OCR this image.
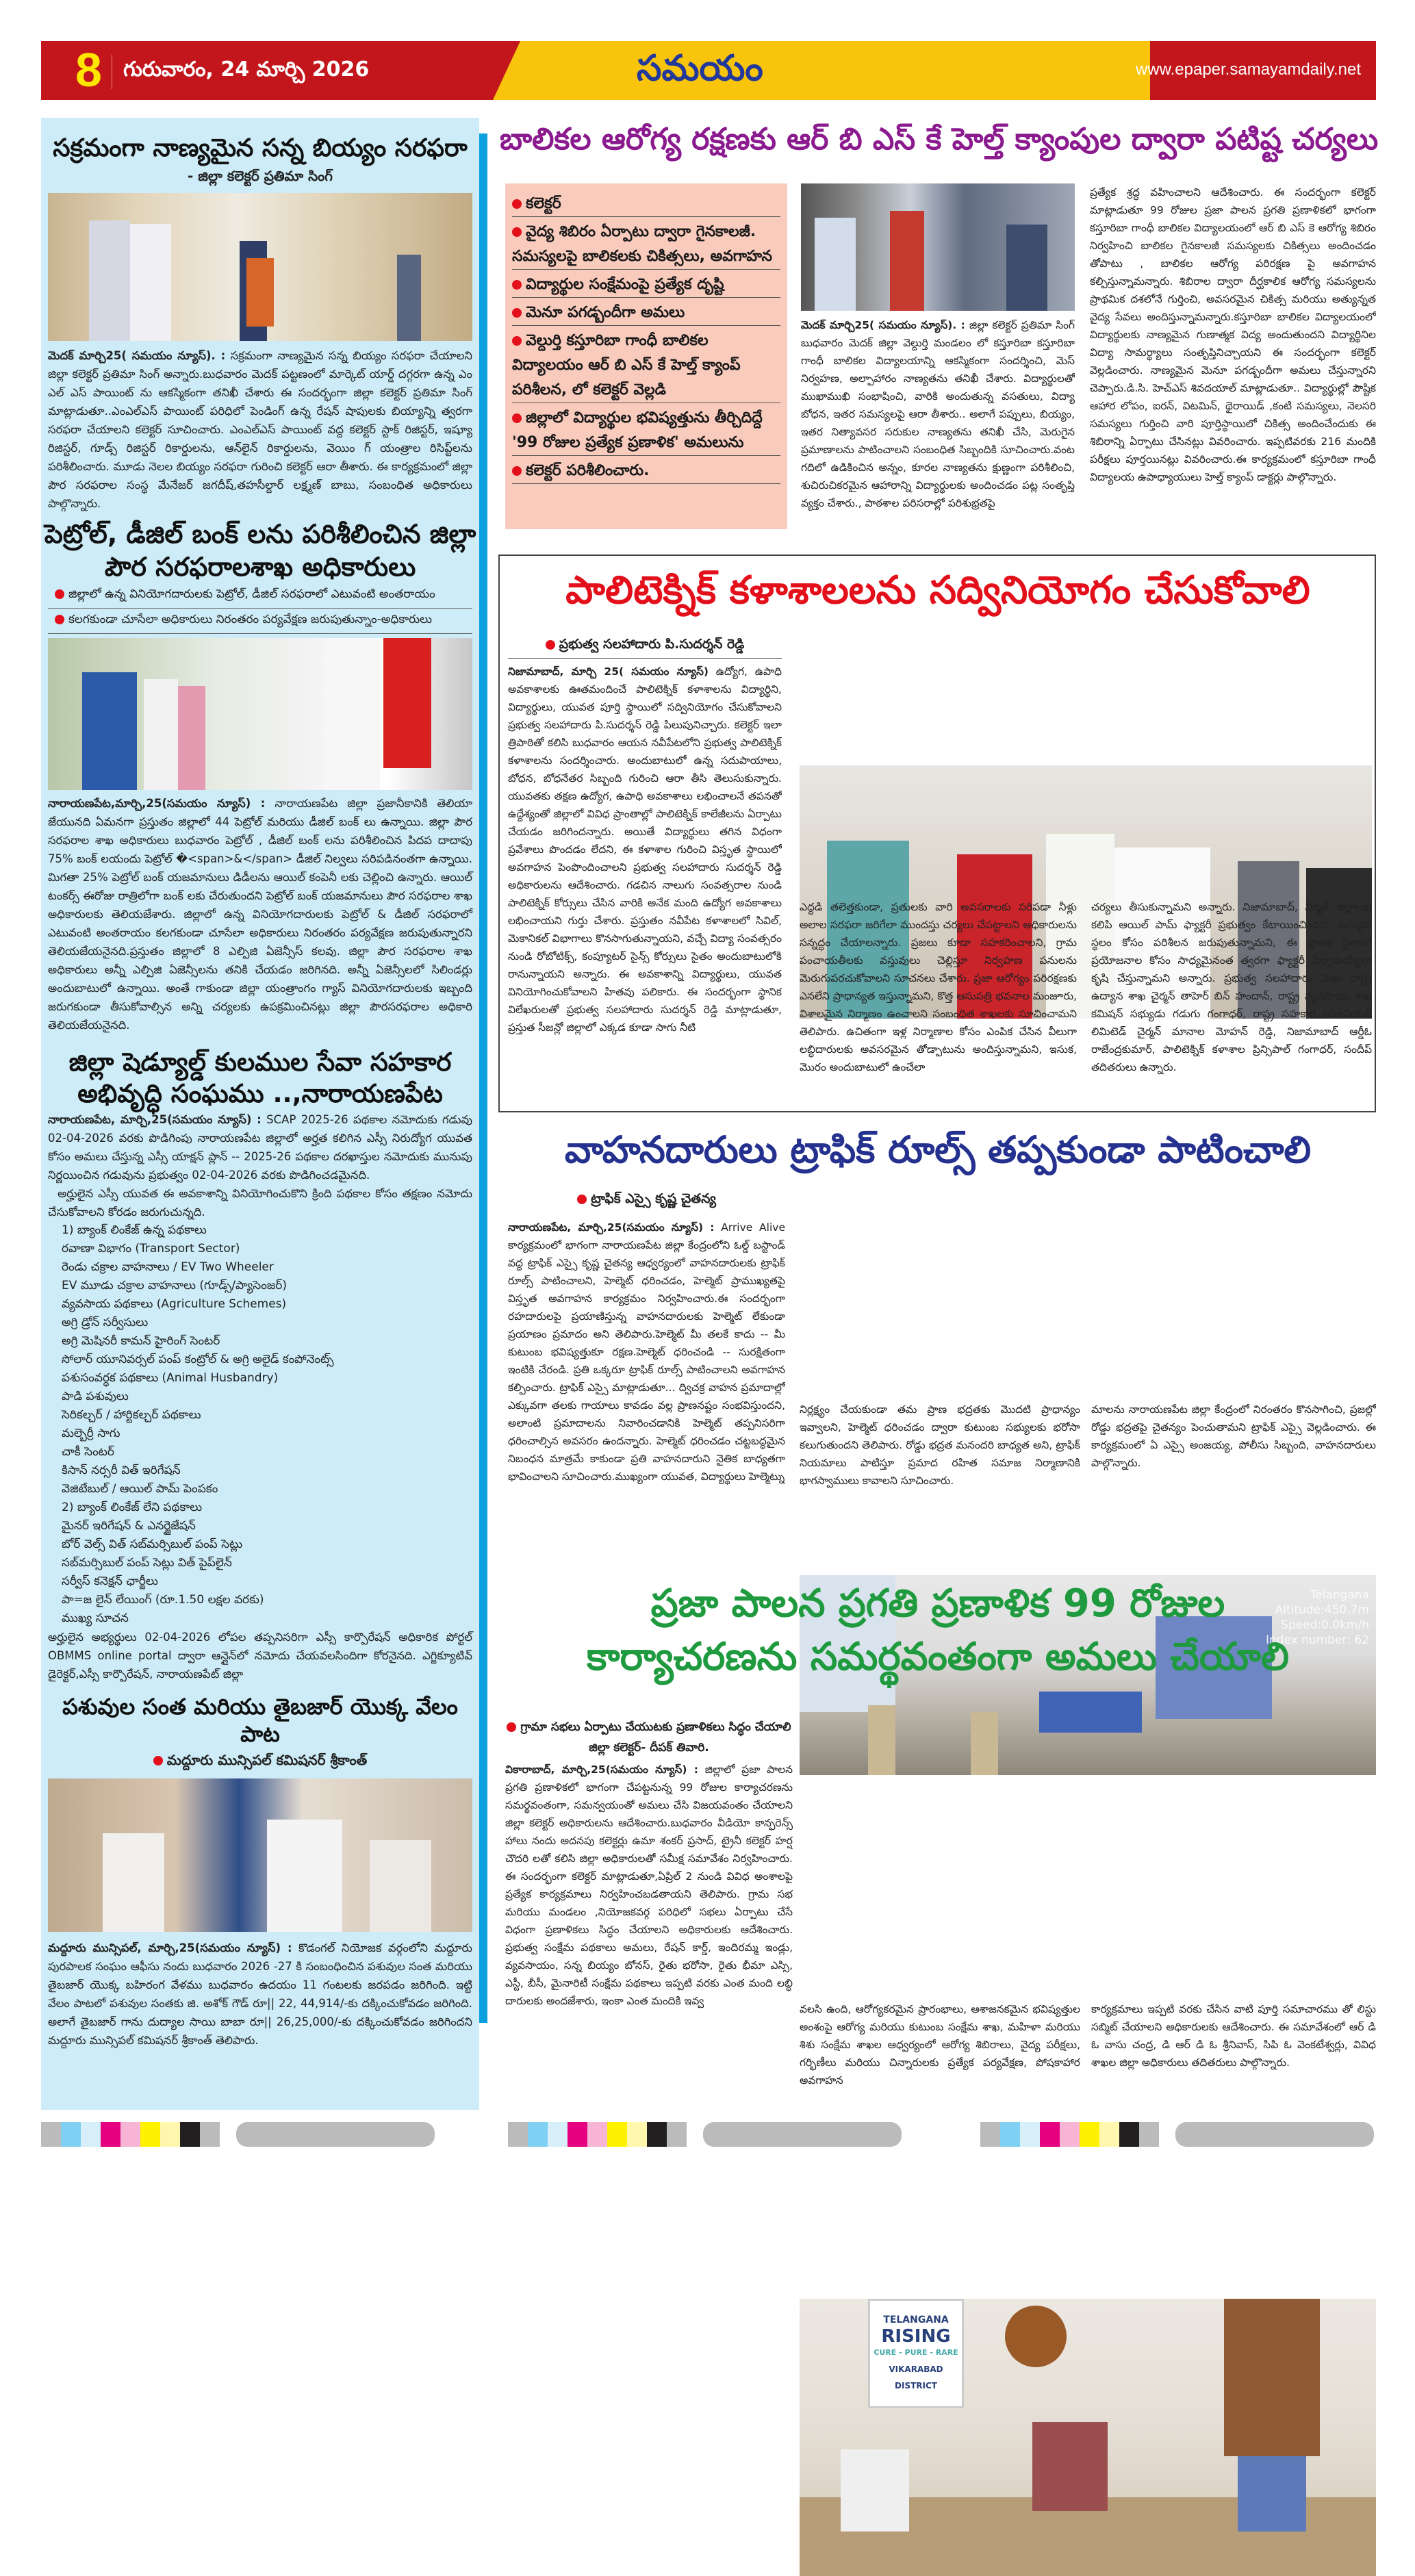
8 గురువారం, 24 మార్చి 2026	సమయం	www.epaper.samayamdaily.net
సక్రమంగా నాణ్యమైన సన్న బియ్యం సరఫరా
- జిల్లా కలెక్టర్ ప్రతిమా సింగ్
మెదక్ మార్చి25( సమయం న్యూస్). : సక్రమంగా నాణ్యమైన సన్న బియ్యం సరఫరా చేయాలని జిల్లా కలెక్టర్ ప్రతిమా సింగ్ అన్నారు.బుధవారం మెదక్ పట్టణంలో మార్కెట్ యార్డ్ దగ్గరగా ఉన్న ఎం ఎల్ ఎస్ పాయింట్ ను ఆకస్మికంగా తనిఖీ చేశారు ఈ సందర్భంగా జిల్లా కలెక్టర్ ప్రతిమా సింగ్ మాట్లాడుతూ..ఎంఎల్ఎస్ పాయింట్ పరిధిలో పెండింగ్ ఉన్న రేషన్ షాపులకు బియ్యాన్ని త్వరగా సరఫరా చేయాలని కలెక్టర్ సూచించారు. ఎంఎల్ఎస్ పాయింట్ వద్ద కలెక్టర్ స్టాక్ రిజిస్టర్, ఇష్యూ రిజిస్టర్, గూడ్స్ రిజిస్టర్ రికార్డులను, ఆన్‌లైన్ రికార్డులను, వెయిం గ్ యంత్రాల రిసిప్ట్‌లను పరిశీలించారు. మూడు నెలల బియ్యం సరఫరా గురించి కలెక్టర్ ఆరా తీశారు. ఈ కార్యక్రమంలో జిల్లా పౌర సరఫరాల సంస్థ మేనేజర్ జగదీష్,తహసీల్దార్ లక్ష్మణ్ బాబు, సంబంధిత అధికారులు పాల్గొన్నారు.
పెట్రోల్, డీజిల్ బంక్ లను పరిశీలించిన జిల్లా పౌర సరఫరాలశాఖ అధికారులు
జిల్లాలో ఉన్న వినియోగదారులకు పెట్రోల్, డీజిల్ సరఫరాలో ఎటువంటి అంతరాయం
కలగకుండా చూసేలా అధికారులు నిరంతరం పర్యవేక్షణ జరుపుతున్నాం-అధికారులు
నారాయణపేట,మార్చి,25(సమయం న్యూస్) : నారాయణపేట జిల్లా ప్రజానీకానికి తెలియా జేయునది ఏమనగా ప్రస్తుతం జిల్లాలో 44 పెట్రోల్ మరియు డీజిల్ బంక్ లు ఉన్నాయి. జిల్లా పౌర సరఫరాల శాఖ అధికారులు బుధవారం పెట్రోల్ , డీజిల్ బంక్ లను పరిశీలించిన పిదప దాదాపు 75% బంక్ లయందు పెట్రోల్ �<span>&</span> డీజిల్ నిల్వలు సరిపడినంతగా ఉన్నాయి. మిగతా 25% పెట్రోల్ బంక్ యజమానులు డిడీలను ఆయిల్ కంపెనీ లకు చెల్లించి ఉన్నారు. ఆయిల్ టంకర్స్ ఈరోజు రాత్రిలోగా బంక్ లకు చేరుతుందని పెట్రోల్ బంక్ యజమానులు పౌర సరఫరాల శాఖ అధికారులకు తెలియజేశారు. జిల్లాలో ఉన్న వినియోగదారులకు పెట్రోల్ & డీజిల్ సరఫరాలో ఎటువంటి అంతరాయం కలగకుండా చూసేలా అధికారులు నిరంతరం పర్యవేక్షణ జరుపుతున్నారని తెలియజేయనైనది.ప్రస్తుతం జిల్లాలో 8 ఎల్పిజి ఏజెన్సీస్ కలవు. జిల్లా పౌర సరఫరాల శాఖ అధికారులు అన్నీ ఎల్పిజి ఏజెన్సీలను తనికి చేయడం జరిగినది. అన్నీ ఏజెన్సీలలో సిలిండర్లు అందుబాటులో ఉన్నాయి. అంతే గాకుండా జిల్లా యంత్రాంగం గ్యాస్ వినియోగదారులకు ఇబ్బంది జరుగకుండా తీసుకోవాల్సిన అన్ని చర్యలకు ఉపక్రమించినట్లు జిల్లా పౌరసరఫరాల అధికారి తెలియజేయనైనది.
జిల్లా షెడ్యూల్డ్ కులముల సేవా సహకార అభివృద్ధి సంఘము ..,నారాయణపేట
నారాయణపేట, మార్చి,25(సమయం న్యూస్) : SCAP 2025-26 పథకాల నమోదుకు గడువు 02-04-2026 వరకు పొడిగింపు నారాయణపేట జిల్లాలో అర్హత కలిగిన ఎస్సీ నిరుద్యోగ యువత కోసం అమలు చేస్తున్న ఎస్సీ యాక్షన్ ప్లాన్ -- 2025-26 పథకాల దరఖాస్తుల నమోదుకు మునుపు నిర్ణయించిన గడువును ప్రభుత్వం 02-04-2026 వరకు పొడిగించడమైనది.
అర్హులైన ఎస్సీ యువత ఈ అవకాశాన్ని వినియోగించుకొని క్రింది పథకాల కోసం తక్షణం నమోదు చేసుకోవాలని కోరడం జరుగుచున్నది.
1) బ్యాంక్ లింకేజ్ ఉన్న పథకాలు
రవాణా విభాగం (Transport Sector)
రెండు చక్రాల వాహనాలు / EV Two Wheeler
EV మూడు చక్రాల వాహనాలు (గూడ్స్/ప్యాసెంజర్)
వ్యవసాయ పథకాలు (Agriculture Schemes)
అగ్రి డ్రోన్ సర్వీసులు
అగ్రి మెషినరీ కామన్ హైరింగ్ సెంటర్
సోలార్ యూనివర్సల్ పంప్ కంట్రోల్ & అగ్రి అలైడ్ కంపోనెంట్స్
పశుసంవర్ధక పథకాలు (Animal Husbandry)
పాడి పశువులు
సెరికల్చర్ / హార్టికల్చర్ పథకాలు
మల్బెర్రీ సాగు
చాకీ సెంటర్
కిసాన్ నర్సరీ విత్ ఇరిగేషన్
వెజిటేబుల్ / ఆయిల్ పామ్ పెంపకం
2) బ్యాంక్ లింకేజ్ లేని పథకాలు
మైనర్ ఇరిగేషన్ & ఎనర్జైజేషన్
బోర్ వెల్స్ విత్ సబ్‌మర్సిబుల్ పంప్ సెట్లు
సబ్‌మర్సిబుల్ పంప్ సెట్లు విత్ పైప్‌లైన్
సర్వీస్ కనెక్షన్ ఛార్జీలు
పా=జ లైన్ లేయింగ్ (రూ.1.50 లక్షల వరకు)
ముఖ్య సూచన
అర్హులైన అభ్యర్థులు 02-04-2026 లోపల తప్పనిసరిగా ఎస్సీ కార్పొరేషన్ అధికారిక పోర్టల్ OBMMS online portal ద్వారా ఆన్లైన్‌లో నమోదు చేయవలసిందిగా కోరనైనది. ఎగ్జిక్యూటివ్ డైరెక్టర్,ఎస్సీ కార్పొరేషన్, నారాయణపేట్ జిల్లా
పశువుల సంత మరియు తైబజార్ యొక్క వేలం పాట
మద్దూరు మున్సిపల్ కమిషనర్ శ్రీకాంత్
మద్దూరు మున్సిపల్, మార్చి,25(సమయం న్యూస్) : కొడంగల్ నియోజక వర్గంలోని మద్దూరు పురపాలక సంఘం ఆఫీసు నందు బుధవారం 2026 -27 కి సంబంధించిన పశువుల సంత మరియు తైబజార్ యొక్క బహిరంగ వేళము బుధవారం ఉదయం 11 గంటలకు జరపడం జరిగింది. ఇట్టి వేలం పాటలో పశువుల సంతకు జి. అశోక్ గౌడ్ రూ|| 22, 44,914/-కు దక్కించుకోవడం జరిగింది. అలాగే తైబజార్ గాను దుద్యాల సాయి బాబా రూ|| 26,25,000/-కు దక్కించుకోవడం జరిగిందని మద్దూరు మున్సిపల్ కమిషనర్ శ్రీకాంత్ తెలిపారు.
బాలికల ఆరోగ్య రక్షణకు ఆర్ బి ఎస్ కే హెల్త్ క్యాంపుల ద్వారా పటిష్ట చర్యలు
కలెక్టర్
వైద్య శిబిరం ఏర్పాటు ద్వారా గైనకాలజీ. సమస్యలపై బాలికలకు చికిత్సలు, అవగాహన
విద్యార్థుల సంక్షేమంపై ప్రత్యేక దృష్టి
మెనూ పగడ్బందీగా అమలు
వెల్దుర్తి కస్తూరిబా గాంధీ బాలికల విద్యాలయం ఆర్ బి ఎస్ కే హెల్త్ క్యాంప్ పరిశీలన, లో కలెక్టర్ వెల్లడి
జిల్లాలో విద్యార్థుల భవిష్యత్తును తీర్చిదిద్దే '99 రోజుల ప్రత్యేక ప్రణాళిక' అమలును
కలెక్టర్ పరిశీలించారు.
మెదక్ మార్చి25( సమయం న్యూస్). : జిల్లా కలెక్టర్ ప్రతిమా సింగ్ బుధవారం మెదక్ జిల్లా వెల్దుర్తి మండలం లో కస్తూరిబా కస్తూరిబా గాంధీ బాలికల విద్యాలయాన్ని ఆకస్మికంగా సందర్శించి, మెస్ నిర్వహణ, అల్పాహారం నాణ్యతను తనిఖీ చేశారు. విద్యార్థులతో ముఖాముఖి సంభాషించి, వారికి అందుతున్న వసతులు, విద్యా బోధన, ఇతర సమస్యలపై ఆరా తీశారు.. అలాగే పప్పులు, బియ్యం, ఇతర నిత్యావసర సరుకుల నాణ్యతను తనిఖీ చేసి, మెరుగైన ప్రమాణాలను పాటించాలని సంబంధిత సిబ్బందికి సూచించారు.వంట గదిలో ఉడికించిన అన్నం, కూరల నాణ్యతను క్షుణ్ణంగా పరిశీలించి, శుచిరుచికరమైన ఆహారాన్ని విద్యార్థులకు అందించడం పట్ల సంతృప్తి వ్యక్తం చేశారు., పాఠశాల పరిసరాల్లో పరిశుభ్రతపై
ప్రత్యేక శ్రద్ధ వహించాలని ఆదేశించారు. ఈ సందర్భంగా కలెక్టర్ మాట్లాడుతూ 99 రోజుల ప్రజా పాలన ప్రగతి ప్రణాళికలో భాగంగా కస్తూరిబా గాంధీ బాలికల విద్యాలయంలో ఆర్ బి ఎస్ కె ఆరోగ్య శిబిరం నిర్వహించి బాలికల గైనకాలజీ సమస్యలకు చికిత్సలు అందించడం తోపాటు , బాలికల ఆరోగ్య పరిరక్షణ పై అవగాహన కల్పిస్తున్నామన్నారు. శిబిరాల ద్వారా దీర్ఘకాలిక ఆరోగ్య సమస్యలను ప్రాథమిక దశలోనే గుర్తించి, అవసరమైన చికిత్స మరియు అత్యున్నత వైద్య సేవలు అందిస్తున్నామన్నారు.కస్తూరిబా బాలికల విద్యాలయంలో విద్యార్థులకు నాణ్యమైన గుణాత్మక విద్య అందుతుందని విద్యార్థినిల విద్యా సామర్థ్యాలు సంతృప్తినిచ్చాయని ఈ సందర్భంగా కలెక్టర్ వెల్లడించారు. నాణ్యమైన మెనూ పగడ్బందీగా అమలు చేస్తున్నారని చెప్పారు.డి.సి. హెచ్ఎస్ శివదయాల్ మాట్లాడుతూ.. విద్యార్థుల్లో పౌష్టిక ఆహార లోపం, ఐరన్, విటమిన్, థైరాయిడ్ ,కంటి సమస్యలు, నెలసరి సమస్యలు గుర్తించి వారి పూర్తిస్థాయిలో చికిత్స అందించేందుకు ఈ శిబిరాన్ని ఏర్పాటు చేసినట్లు వివరించారు. ఇప్పటివరకు 216 మందికి పరీక్షలు పూర్తయినట్లు వివరించారు.ఈ కార్యక్రమంలో కస్తూరిబా గాంధీ విద్యాలయ ఉపాధ్యాయులు హెల్త్ క్యాంప్ డాక్టర్లు పాల్గొన్నారు.
పాలిటెక్నిక్ కళాశాలలను సద్వినియోగం చేసుకోవాలి
ప్రభుత్వ సలహాదారు పి.సుదర్శన్ రెడ్డి
నిజామాబాద్, మార్చి 25( సమయం న్యూస్) ఉద్యోగ, ఉపాధి అవకాశాలకు ఊతమందించే పాలిటెక్నిక్ కళాశాలను విద్యార్థిని, విద్యార్థులు, యువత పూర్తి స్థాయిలో సద్వినియోగం చేసుకోవాలని ప్రభుత్వ సలహాదారు పి.సుదర్శన్ రెడ్డి పిలుపునిచ్చారు. కలెక్టర్ ఇలా త్రిపాఠితో కలిసి బుధవారం ఆయన నవీపేటలోని ప్రభుత్వ పాలిటెక్నిక్ కళాశాలను సందర్శించారు. అందుబాటులో ఉన్న సదుపాయాలు, బోధన, బోధనేతర సిబ్బంది గురించి ఆరా తీసి తెలుసుకున్నారు. యువతకు తక్షణ ఉద్యోగ, ఉపాధి అవకాశాలు లభించాలనే తపనతో ఉద్దేశ్యంతో జిల్లాలో వివిధ ప్రాంతాల్లో పాలిటెక్నిక్ కాలేజీలను ఏర్పాటు చేయడం జరిగిందన్నారు. అయితే విద్యార్థులు తగిన విధంగా ప్రవేశాలు పొందడం లేదని, ఈ కళాశాల గురించి విస్తృత స్థాయిలో అవగాహన పెంపొందించాలని ప్రభుత్వ సలహాదారు సుదర్శన్ రెడ్డి అధికారులను ఆదేశించారు. గడచిన నాలుగు సంవత్సరాల నుండి పాలిటెక్నిక్ కోర్సులు చేసిన వారికి అనేక మంది ఉద్యోగ అవకాశాలు లభించాయని గుర్తు చేశారు. ప్రస్తుతం నవీపేట కళాశాలలో సివిల్, మెకానికల్ విభాగాలు కొనసాగుతున్నాయని, వచ్చే విద్యా సంవత్సరం నుండి రోబోటిక్స్, కంప్యూటర్ సైన్స్ కోర్సులు సైతం అందుబాటులోకి రానున్నాయని అన్నారు. ఈ అవకాశాన్ని విద్యార్థులు, యువత వినియోగించుకోవాలని హితవు పలికారు. ఈ సందర్భంగా స్థానిక విలేఖరులతో ప్రభుత్వ సలహాదారు సుదర్శన్ రెడ్డి మాట్లాడుతూ, ప్రస్తుత సీజన్లో జిల్లాలో ఎక్కడ కూడా సాగు నీటి
ఎద్దడి తలెత్తకుండా, ప్రతులకు వారి అవసరాలకు సరిపడా నీళ్లు అలాల సరఫరా జరిగేలా ముందస్తు చర్యలు చేపట్టాలని అధికారులను సన్నద్ధం చేయాలన్నారు. ప్రజలు కూడా సహకరించాలని, గ్రామ పంచాయతీలకు వస్తువులు చెల్లిస్తూ నిర్వహణ పనులను మెరుగుపరచుకోవాలని సూచనలు చేశారు. ప్రజా ఆరోగ్యం పరిరక్షణకు ఎనలేని ప్రాధాన్యత ఇస్తున్నామని, కొత్త ఆసుపత్రి భవనాల మంజూరు, విశాలమైన నిర్మాణం ఉంచాలని సంబంధిత శాఖలకు సూచించామని తెలిపారు. ఉచితంగా ఇళ్ల నిర్మాణాల కోసం ఎంపిక చేసిన వీలుగా లబ్ధిదారులకు అవసరమైన తోడ్పాటును అందిస్తున్నామని, ఇసుక, మొరం అందుబాటులో ఉంచేలా
చర్యలు తీసుకున్నామని అన్నారు. నిజామాబాద్, నిర్మల్ జిల్లాలకు కలిపి ఆయిల్ పామ్ ఫ్యాక్టరీ ప్రభుత్వం కేటాయించిందని, అనువైన స్థలం కోసం పరిశీలన జరుపుతున్నామని, ఈ ప్రాంత రైతాంగ ప్రయోజనాల కోసం సాధ్యమైనంత త్వరగా ఫ్యాక్టరీ ఏర్పాటయ్యేలా కృషి చేస్తున్నామని అన్నారు. ప్రభుత్వ సలహాదారు వెంట రాష్ట్ర ఉద్యాన శాఖ చైర్మన్ తాహెర్ బిన్ హందాన్, రాష్ట్ర వ్యవసాయ శాఖ కమిషన్ సభ్యుడు గడుగు గంగాధర్, రాష్ట్ర సహకార యూనియన్ లిమిటెడ్ చైర్మన్ మానాల మోహన్ రెడ్డి, నిజామాబాద్ ఆర్డీఓ రాజేంద్రకుమార్, పాలిటెక్నిక్ కళాశాల ప్రిన్సిపాల్ గంగాధర్, సందీప్ తదితరులు ఉన్నారు.
వాహనదారులు ట్రాఫిక్ రూల్స్ తప్పకుండా పాటించాలి
ట్రాఫిక్ ఎస్సై కృష్ణ చైతన్య
నారాయణపేట, మార్చి,25(సమయం న్యూస్) : Arrive Alive కార్యక్రమంలో భాగంగా నారాయణపేట జిల్లా కేంద్రంలోని ఓల్డ్ బస్టాండ్ వద్ద ట్రాఫిక్ ఎస్సై కృష్ణ చైతన్య ఆధ్వర్యంలో వాహనదారులకు ట్రాఫిక్ రూల్స్ పాటించాలని, హెల్మెట్ ధరించడం, హెల్మెట్ ప్రాముఖ్యతపై విస్తృత అవగాహన కార్యక్రమం నిర్వహించారు.ఈ సందర్భంగా రహదారులపై ప్రయాణిస్తున్న వాహనదారులకు హెల్మెట్ లేకుండా ప్రయాణం ప్రమాదం అని తెలిపారు.హెల్మెట్ మీ తలకే కాదు -- మీ కుటుంబ భవిష్యత్తుకూ రక్షణ.హెల్మెట్ ధరించండి -- సురక్షితంగా ఇంటికి చేరండి. ప్రతి ఒక్కరూ ట్రాఫిక్ రూల్స్ పాటించాలని అవగాహన కల్పించారు. ట్రాఫిక్ ఎస్సై మాట్లాడుతూ... ద్విచక్ర వాహన ప్రమాదాల్లో ఎక్కువగా తలకు గాయాలు కావడం వల్ల ప్రాణనష్టం సంభవిస్తుందని, అలాంటి ప్రమాదాలను నివారించడానికి హెల్మెట్ తప్పనిసరిగా ధరించాల్సిన అవసరం ఉందన్నారు. హెల్మెట్ ధరించడం చట్టబద్ధమైన నిబంధన మాత్రమే కాకుండా ప్రతి వాహనదారుని నైతిక బాధ్యతగా భావించాలని సూచించారు.ముఖ్యంగా యువత, విద్యార్థులు హెల్మెట్ను
Telangana
Altitude:450.7m
Speed:0.0km/h
Index number: 62
నిర్లక్ష్యం చేయకుండా తమ ప్రాణ భద్రతకు మొదటి ప్రాధాన్యం ఇవ్వాలని, హెల్మెట్ ధరించడం ద్వారా కుటుంబ సభ్యులకు భరోసా కలుగుతుందని తెలిపారు. రోడ్డు భద్రత మనందరి బాధ్యత అని, ట్రాఫిక్ నియమాలు పాటిస్తూ ప్రమాద రహిత సమాజ నిర్మాణానికి భాగస్వాములు కావాలని సూచించారు.
మాలను నారాయణపేట జిల్లా కేంద్రంలో నిరంతరం కొనసాగించి, ప్రజల్లో రోడ్డు భద్రతపై చైతన్యం పెంచుతామని ట్రాఫిక్ ఎస్సై వెల్లడించారు. ఈ కార్యక్రమంలో ఏ ఎస్సై అంజయ్య, పోలీసు సిబ్బంది, వాహనదారులు పాల్గొన్నారు.
ప్రజా పాలన ప్రగతి ప్రణాళిక 99 రోజుల
కార్యాచరణను సమర్థవంతంగా అమలు చేయాలి
గ్రామా సభలు ఏర్పాటు చేయుటకు ప్రణాళికలు సిద్ధం చేయాలి జిల్లా కలెక్టర్- దీపక్ తివారి.
వికారాబాద్, మార్చి,25(సమయం న్యూస్) : జిల్లాలో ప్రజా పాలన ప్రగతి ప్రణాళికలో భాగంగా చేపట్టనున్న 99 రోజుల కార్యాచరణను సమర్థవంతంగా, సమన్వయంతో అమలు చేసి విజయవంతం చేయాలని జిల్లా కలెక్టర్ అధికారులను ఆదేశించారు.బుధవారం వీడియో కాన్ఫరెన్స్ హాలు నందు అదనపు కలెక్టర్లు ఉమా శంకర్ ప్రసాద్, ట్రైనీ కలెక్టర్ హర్ష చౌదరి లతో కలిసి జిల్లా అధికారులతో సమీక్ష సమావేశం నిర్వహించారు. ఈ సందర్భంగా కలెక్టర్ మాట్లాడుతూ,ఏప్రిల్ 2 నుండి వివిధ అంశాలపై ప్రత్యేక కార్యక్రమాలు నిర్వహించబడతాయని తెలిపారు. గ్రామ సభ మరియు మండలం ,నియోజకవర్గ పరిధిలో సభలు ఏర్పాటు చేసే విధంగా ప్రణాళికలు సిద్ధం చేయాలని అధికారులకు ఆదేశించారు. ప్రభుత్వ సంక్షేమ పథకాలు అమలు, రేషన్ కార్డ్, ఇందిరమ్మ ఇండ్లు, వ్యవసాయం, సన్న బియ్యం బోనస్, రైతు భరోసా, రైతు భీమా ఎస్సి, ఎస్టీ, బీసీ, మైనారిటీ సంక్షేమ పథకాలు ఇప్పటి వరకు ఎంత మంది లబ్ధి దారులకు అందజేశారు, ఇంకా ఎంత మందికి ఇవ్వ
TELANGANA
RISING
CURE - PURE - RARE
VIKARABAD DISTRICT
వలసి ఉంది, ఆరోగ్యకరమైన ప్రారంభాలు, ఆశాజనకమైన భవిష్యత్తుల అంశంపై ఆరోగ్య మరియు కుటుంబ సంక్షేమ శాఖ, మహిళా మరియు శిశు సంక్షేమ శాఖల ఆధ్వర్యంలో ఆరోగ్య శిబిరాలు, వైద్య పరీక్షలు, గర్భిణీలు మరియు చిన్నారులకు ప్రత్యేక పర్యవేక్షణ, పోషకాహార అవగాహన
కార్యక్రమాలు ఇప్పటి వరకు చేసిన వాటి పూర్తి సమాచారము తో లిస్టు సబ్మిట్ చేయాలని అధికారులకు ఆదేశించారు. ఈ సమావేశంలో ఆర్ డి ఓ వాసు చంద్ర, డి ఆర్ డి ఓ శ్రీనివాస్, సిపి ఓ వెంకటేశ్వర్లు, వివిధ శాఖల జిల్లా అధికారులు తదితరులు పాల్గొన్నారు.
